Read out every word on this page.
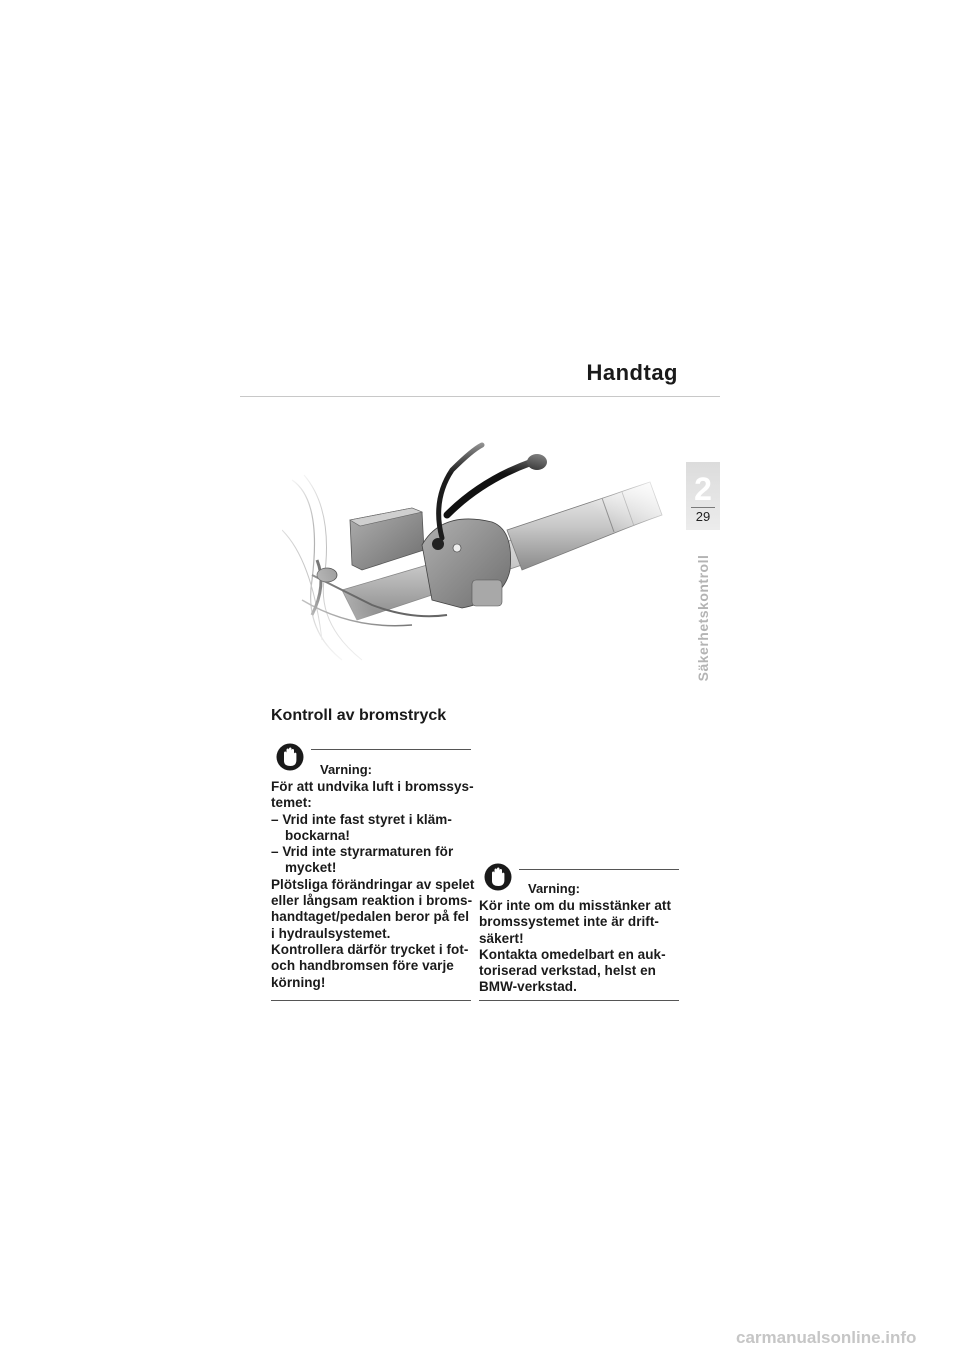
Handtag
2
29
Säkerhetskontroll
Kontroll av bromstryck
Varning:

För att undvika luft i bromssys-

temet:

– Vrid inte fast styret i kläm-

bockarna!

– Vrid inte styrarmaturen för

mycket!

Plötsliga förändringar av spelet

eller långsam reaktion i broms-

handtaget/pedalen beror på fel

i hydraulsystemet.

Kontrollera därför trycket i fot-

och handbromsen före varje

körning!

Varning:

Kör inte om du misstänker att

bromssystemet inte är drift-

säkert!

Kontakta omedelbart en auk-

toriserad verkstad, helst en

BMW-verkstad.

carmanualsonline.info
